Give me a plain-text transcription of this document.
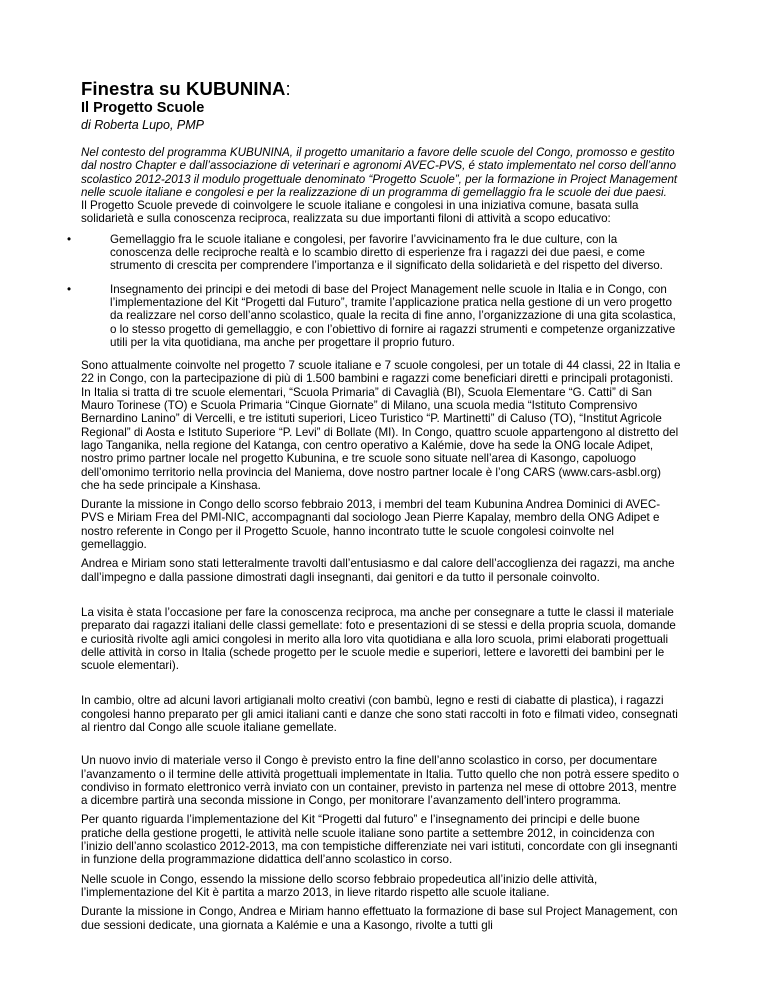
Finestra su KUBUNINA:
Il Progetto Scuole
di Roberta Lupo, PMP

Nel contesto del programma KUBUNINA, il progetto umanitario a favore delle scuole del Congo, promosso e gestito dal nostro Chapter e dall’associazione di veterinari e agronomi AVEC-PVS, é stato implementato nel corso dell’anno scolastico 2012-2013 il modulo progettuale denominato “Progetto Scuole”, per la formazione in Project Management nelle scuole italiane e congolesi e per la realizzazione di un programma di gemellaggio fra le scuole dei due paesi.

Il Progetto Scuole prevede di coinvolgere le scuole italiane e congolesi in una iniziativa comune, basata sulla solidarietà e sulla conoscenza reciproca, realizzata su due importanti filoni di attività a scopo educativo:

•	Gemellaggio fra le scuole italiane e congolesi, per favorire l’avvicinamento fra le due culture, con la conoscenza delle reciproche realtà e lo scambio diretto di esperienze fra i ragazzi dei due paesi, e come strumento di crescita per comprendere l’importanza e il significato della solidarietà e del rispetto del diverso.
•	Insegnamento dei principi e dei metodi di base del Project Management nelle scuole in Italia e in Congo, con l’implementazione del Kit “Progetti dal Futuro”, tramite l’applicazione pratica nella gestione di un vero progetto da realizzare nel corso dell’anno scolastico, quale la recita di fine anno, l’organizzazione di una gita scolastica, o lo stesso progetto di gemellaggio, e con l’obiettivo di fornire ai ragazzi strumenti e competenze organizzative utili per la vita quotidiana, ma anche per progettare il proprio futuro.

Sono attualmente coinvolte nel progetto 7 scuole italiane e 7 scuole congolesi, per un totale di 44 classi, 22 in Italia e 22 in Congo, con la partecipazione di più di 1.500 bambini e ragazzi come beneficiari diretti e principali protagonisti. In Italia si tratta di tre scuole elementari, “Scuola Primaria” di Cavaglià (BI), Scuola Elementare “G. Catti” di San Mauro Torinese (TO) e Scuola Primaria “Cinque Giornate” di Milano, una scuola media “Istituto Comprensivo Bernardino Lanino” di Vercelli, e tre istituti superiori, Liceo Turistico “P. Martinetti” di Caluso (TO), “Institut Agricole Regional” di Aosta e Istituto Superiore “P. Levi” di Bollate (MI). In Congo, quattro scuole appartengono al distretto del lago Tanganika, nella regione del Katanga, con centro operativo a Kalémie, dove ha sede la ONG locale Adipet, nostro primo partner locale nel progetto Kubunina, e tre scuole sono situate nell’area di Kasongo, capoluogo dell’omonimo territorio nella provincia del Maniema, dove nostro partner locale è l’ong CARS (www.cars-asbl.org) che ha sede principale a Kinshasa.

Durante la missione in Congo dello scorso febbraio 2013, i membri del team Kubunina Andrea Dominici di AVEC-PVS e Miriam Frea del PMI-NIC, accompagnanti dal sociologo Jean Pierre Kapalay, membro della ONG Adipet e nostro referente in Congo per il Progetto Scuole, hanno incontrato tutte le scuole congolesi coinvolte nel gemellaggio.

Andrea e Miriam sono stati letteralmente travolti dall’entusiasmo e dal calore dell’accoglienza dei ragazzi, ma anche dall’impegno e dalla passione dimostrati dagli insegnanti, dai genitori e da tutto il personale coinvolto.

La visita è stata l’occasione per fare la conoscenza reciproca, ma anche per consegnare a tutte le classi il materiale preparato dai ragazzi italiani delle classi gemellate: foto e presentazioni di se stessi e della propria scuola, domande e curiosità rivolte agli amici congolesi in merito alla loro vita quotidiana e alla loro scuola, primi elaborati progettuali delle attività in corso in Italia (schede progetto per le scuole medie e superiori, lettere e lavoretti dei bambini per le scuole elementari).

In cambio, oltre ad alcuni lavori artigianali molto creativi (con bambù, legno e resti di ciabatte di plastica), i ragazzi congolesi hanno preparato per gli amici italiani canti e danze che sono stati raccolti in foto e filmati video, consegnati al rientro dal Congo alle scuole italiane gemellate.

Un nuovo invio di materiale verso il Congo è previsto entro la fine dell’anno scolastico in corso, per documentare l’avanzamento o il termine delle attività progettuali implementate in Italia. Tutto quello che non potrà essere spedito o condiviso in formato elettronico verrà inviato con un container, previsto in partenza nel mese di ottobre 2013, mentre a dicembre partirà una seconda missione in Congo, per monitorare l’avanzamento dell’intero programma.

Per quanto riguarda l’implementazione del Kit “Progetti dal futuro” e l’insegnamento dei principi e delle buone pratiche della gestione progetti, le attività nelle scuole italiane sono partite a settembre 2012, in coincidenza con l’inizio dell’anno scolastico 2012-2013, ma con tempistiche differenziate nei vari istituti, concordate con gli insegnanti in funzione della programmazione didattica dell’anno scolastico in corso.

Nelle scuole in Congo, essendo la missione dello scorso febbraio propedeutica all’inizio delle attività, l’implementazione del Kit è partita a marzo 2013, in lieve ritardo rispetto alle scuole italiane.

Durante la missione in Congo, Andrea e Miriam hanno effettuato la formazione di base sul Project Management, con due sessioni dedicate, una giornata a Kalémie e una a Kasongo, rivolte a tutti gli
